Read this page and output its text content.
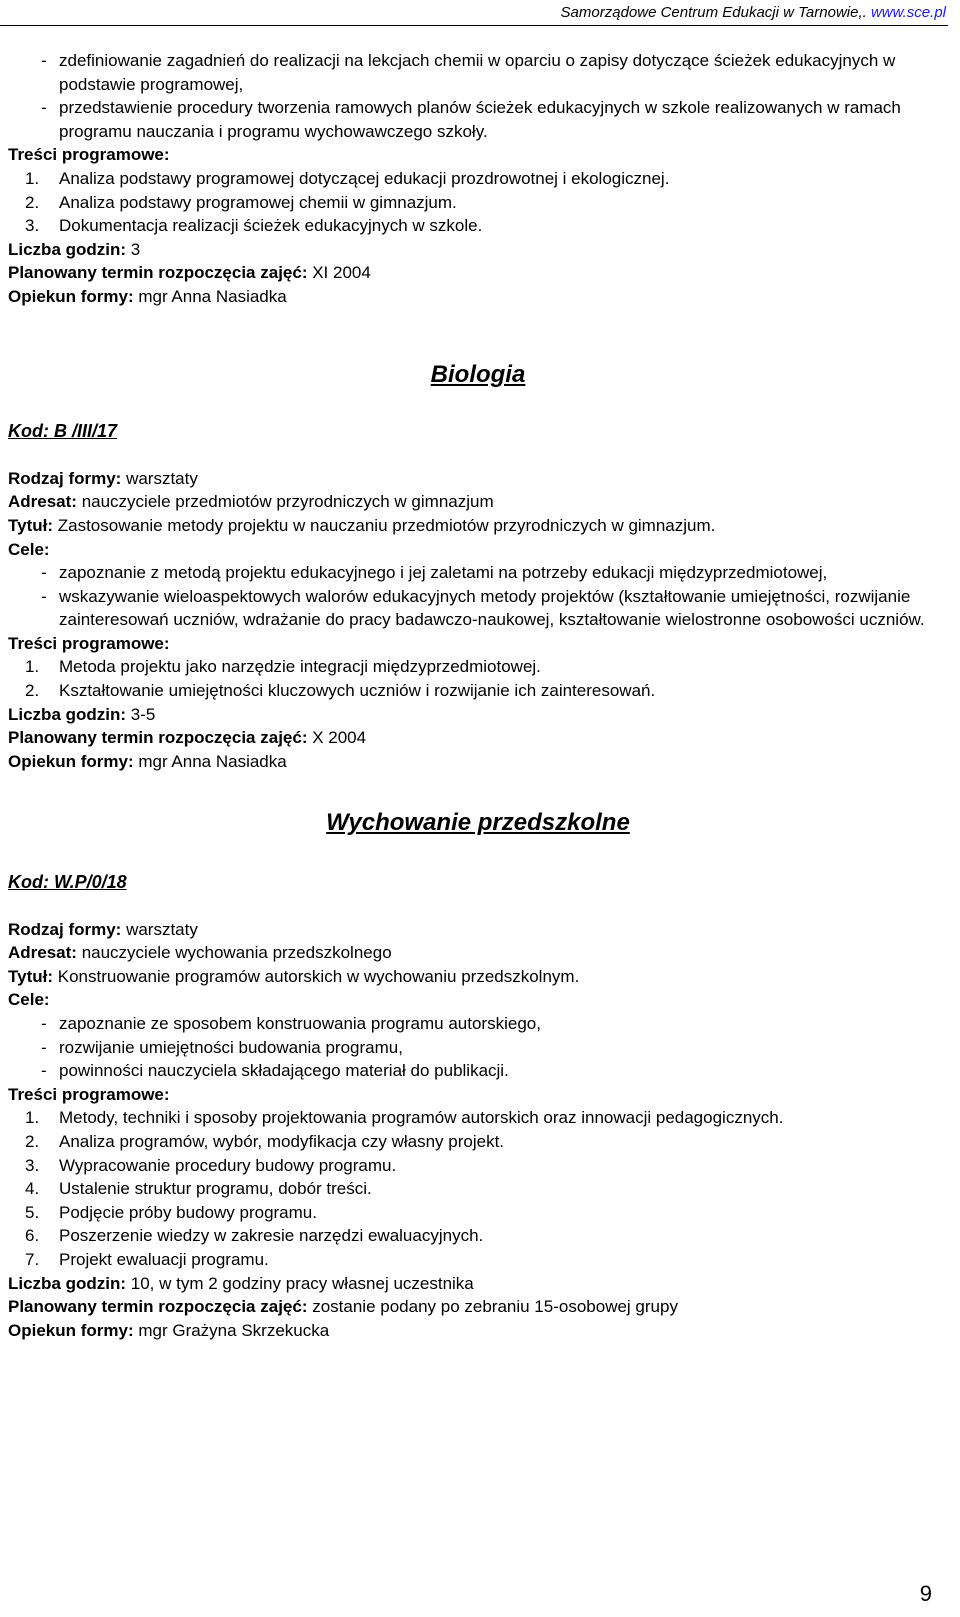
Samorządowe Centrum Edukacji w Tarnowie,. www.sce.pl
- zdefiniowanie zagadnień do realizacji na lekcjach chemii w oparciu o zapisy dotyczące ścieżek edukacyjnych w podstawie programowej,
- przedstawienie procedury tworzenia ramowych planów ścieżek edukacyjnych w szkole realizowanych w ramach programu nauczania i programu wychowawczego szkoły.
Treści programowe:
1.	Analiza podstawy programowej dotyczącej edukacji prozdrowotnej i ekologicznej.
2.	Analiza podstawy programowej chemii w gimnazjum.
3.	Dokumentacja realizacji ścieżek edukacyjnych w szkole.
Liczba godzin: 3
Planowany termin rozpoczęcia zajęć: XI 2004
Opiekun formy: mgr Anna Nasiadka
Biologia
Kod: B /III/17
Rodzaj formy: warsztaty
Adresat: nauczyciele przedmiotów przyrodniczych w gimnazjum
Tytuł: Zastosowanie metody projektu w nauczaniu przedmiotów przyrodniczych w gimnazjum.
Cele:
- zapoznanie z metodą projektu edukacyjnego i jej zaletami na potrzeby edukacji międzyprzedmiotowej,
- wskazywanie wieloaspektowych walorów edukacyjnych metody projektów (kształtowanie umiejętności, rozwijanie zainteresowań uczniów, wdrażanie do pracy badawczo-naukowej, kształtowanie wielostronne osobowości uczniów.
Treści programowe:
1.	Metoda projektu jako narzędzie integracji międzyprzedmiotowej.
2.	Kształtowanie umiejętności kluczowych uczniów i rozwijanie ich zainteresowań.
Liczba godzin: 3-5
Planowany termin rozpoczęcia zajęć: X 2004
Opiekun formy: mgr Anna Nasiadka
Wychowanie przedszkolne
Kod: W.P/0/18
Rodzaj formy: warsztaty
Adresat: nauczyciele wychowania przedszkolnego
Tytuł: Konstruowanie programów autorskich w wychowaniu przedszkolnym.
Cele:
- zapoznanie ze sposobem konstruowania programu autorskiego,
- rozwijanie umiejętności budowania programu,
- powinności nauczyciela składającego materiał do publikacji.
Treści programowe:
1.	Metody, techniki i sposoby projektowania programów autorskich oraz innowacji pedagogicznych.
2.	Analiza programów, wybór, modyfikacja czy własny projekt.
3.	Wypracowanie procedury budowy programu.
4.	Ustalenie struktur programu, dobór treści.
5.	Podjęcie próby budowy programu.
6.	Poszerzenie wiedzy w zakresie narzędzi ewaluacyjnych.
7.	Projekt ewaluacji programu.
Liczba godzin: 10, w tym 2 godziny pracy własnej uczestnika
Planowany termin rozpoczęcia zajęć: zostanie podany po zebraniu 15-osobowej grupy
Opiekun formy: mgr Grażyna Skrzekucka
9
